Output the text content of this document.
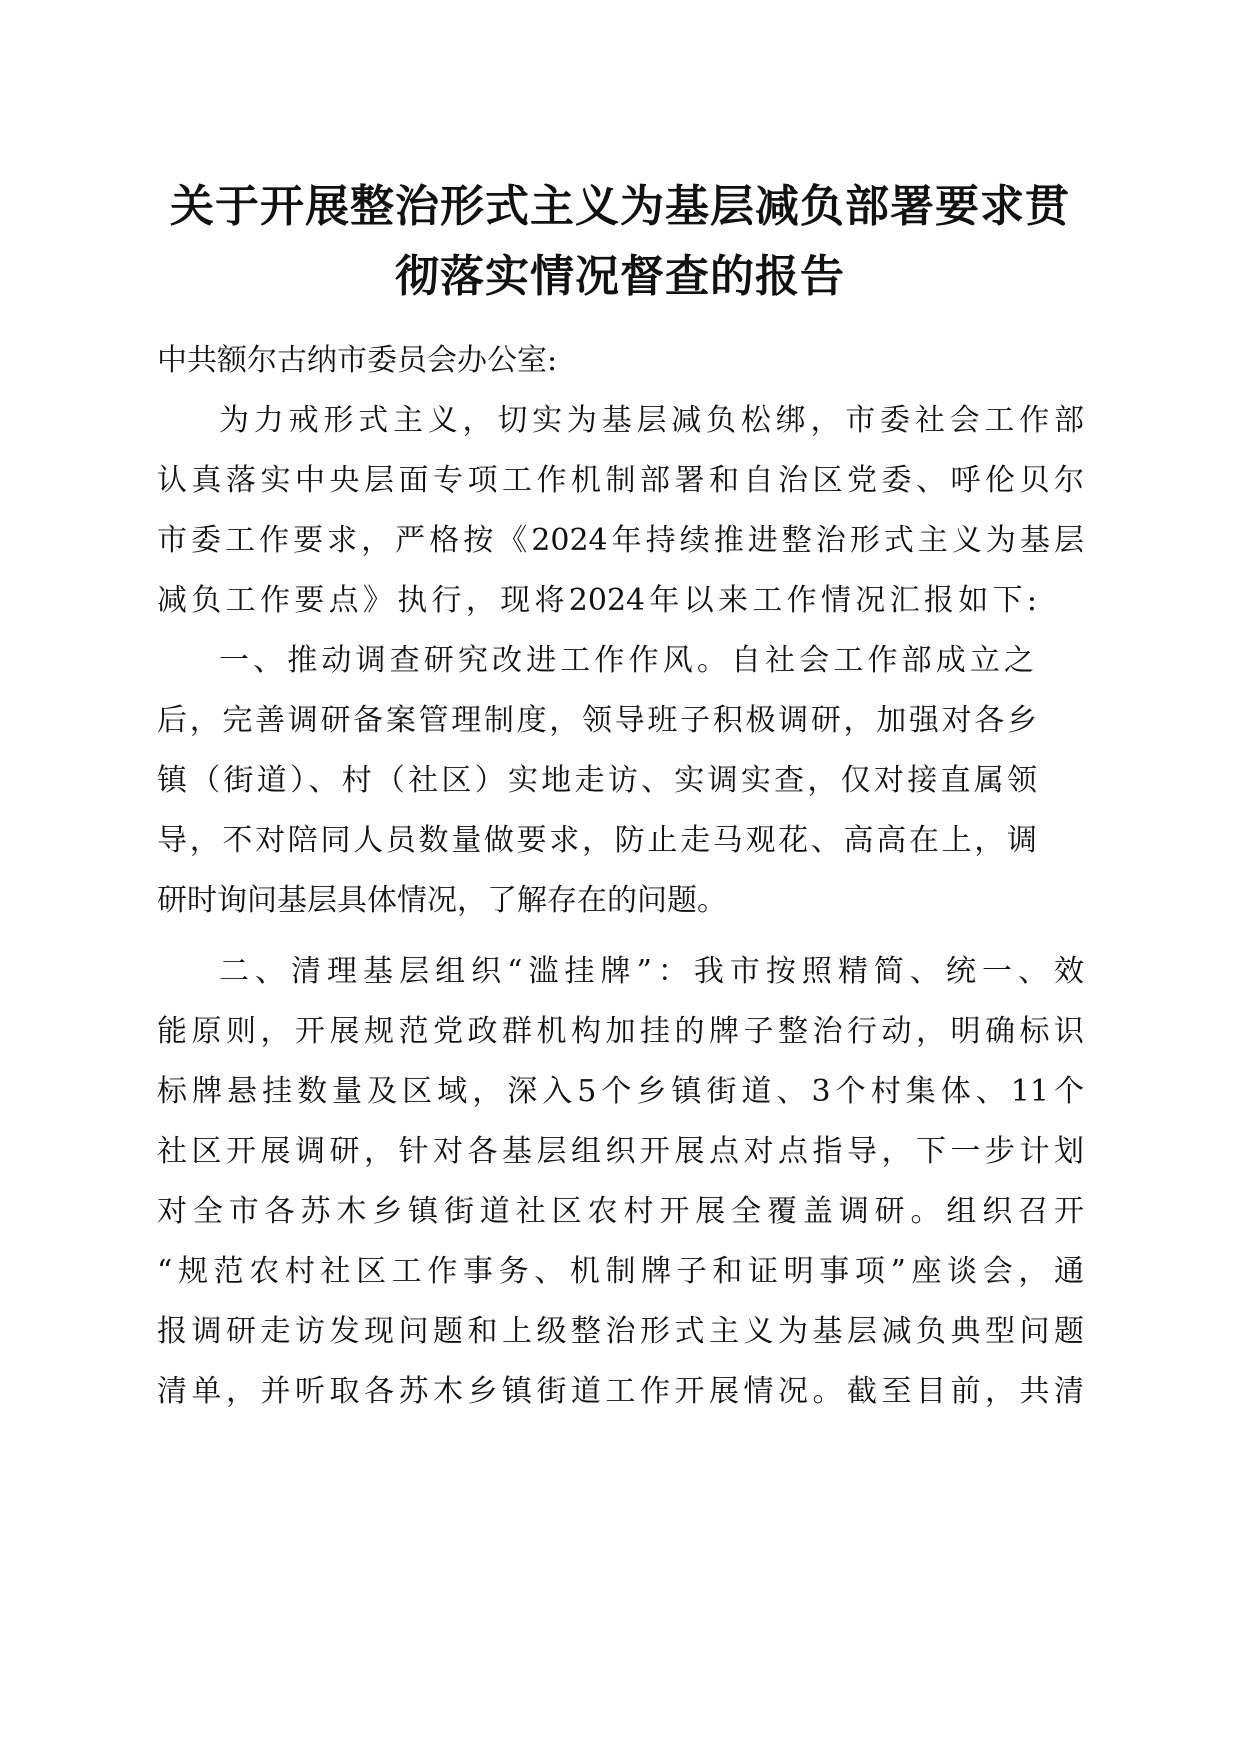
关于开展整治形式主义为基层减负部署要求贯
彻落实情况督查的报告
中共额尔古纳市委员会办公室:
为力戒形式主义，切实为基层减负松绑，市委社会工作部
认真落实中央层面专项工作机制部署和自治区党委、呼伦贝尔
市委工作要求，严格按《2024年持续推进整治形式主义为基层
减负工作要点》执行，现将2024年以来工作情况汇报如下:
一、推动调查研究改进工作作风。自社会工作部成立之
后，完善调研备案管理制度，领导班子积极调研，加强对各乡
镇（街道）、村（社区）实地走访、实调实查，仅对接直属领
导，不对陪同人员数量做要求，防止走马观花、高高在上，调
研时询问基层具体情况，了解存在的问题。
二、清理基层组织“滥挂牌”：我市按照精简、统一、效
能原则，开展规范党政群机构加挂的牌子整治行动，明确标识
标牌悬挂数量及区域，深入5个乡镇街道、3个村集体、11个
社区开展调研，针对各基层组织开展点对点指导，下一步计划
对全市各苏木乡镇街道社区农村开展全覆盖调研。组织召开
“规范农村社区工作事务、机制牌子和证明事项”座谈会，通
报调研走访发现问题和上级整治形式主义为基层减负典型问题
清单，并听取各苏木乡镇街道工作开展情况。截至目前，共清
